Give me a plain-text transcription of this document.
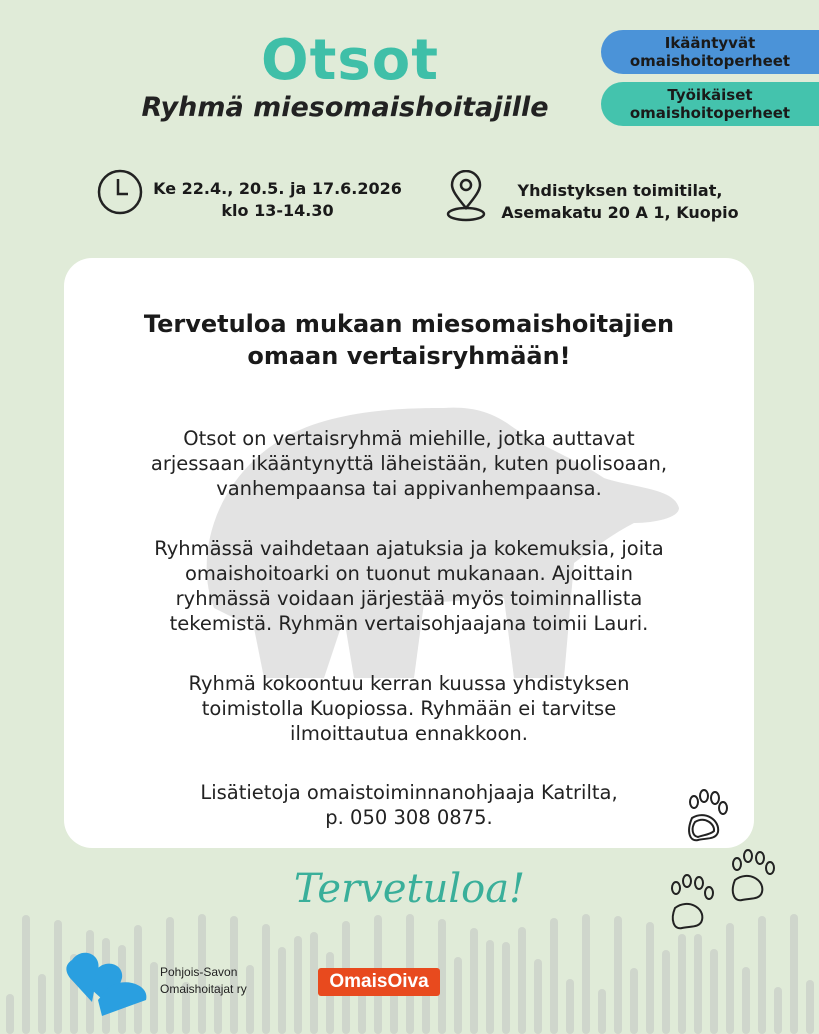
Otsot
Ryhmä miesomaishoitajille
Ikääntyvät
omaishoitoperheet
Työikäiset
omaishoitoperheet
Ke 22.4., 20.5. ja 17.6.2026
klo 13-14.30
Yhdistyksen toimitilat,
Asemakatu 20 A 1, Kuopio
Tervetuloa mukaan miesomaishoitajien
omaan vertaisryhmään!
Otsot on vertaisryhmä miehille, jotka auttavat
arjessaan ikääntynyttä läheistään, kuten puolisoaan,
vanhempaansa tai appivanhempaansa.
Ryhmässä vaihdetaan ajatuksia ja kokemuksia, joita
omaishoitoarki on tuonut mukanaan. Ajoittain
ryhmässä voidaan järjestää myös toiminnallista
tekemistä. Ryhmän vertaisohjaajana toimii Lauri.
Ryhmä kokoontuu kerran kuussa yhdistyksen
toimistolla Kuopiossa. Ryhmään ei tarvitse
ilmoittautua ennakkoon.
Lisätietoja omaistoiminnanohjaaja Katrilta,
p. 050 308 0875.
Tervetuloa!
Pohjois-Savon
Omaishoitajat ry	OmaisOiva
